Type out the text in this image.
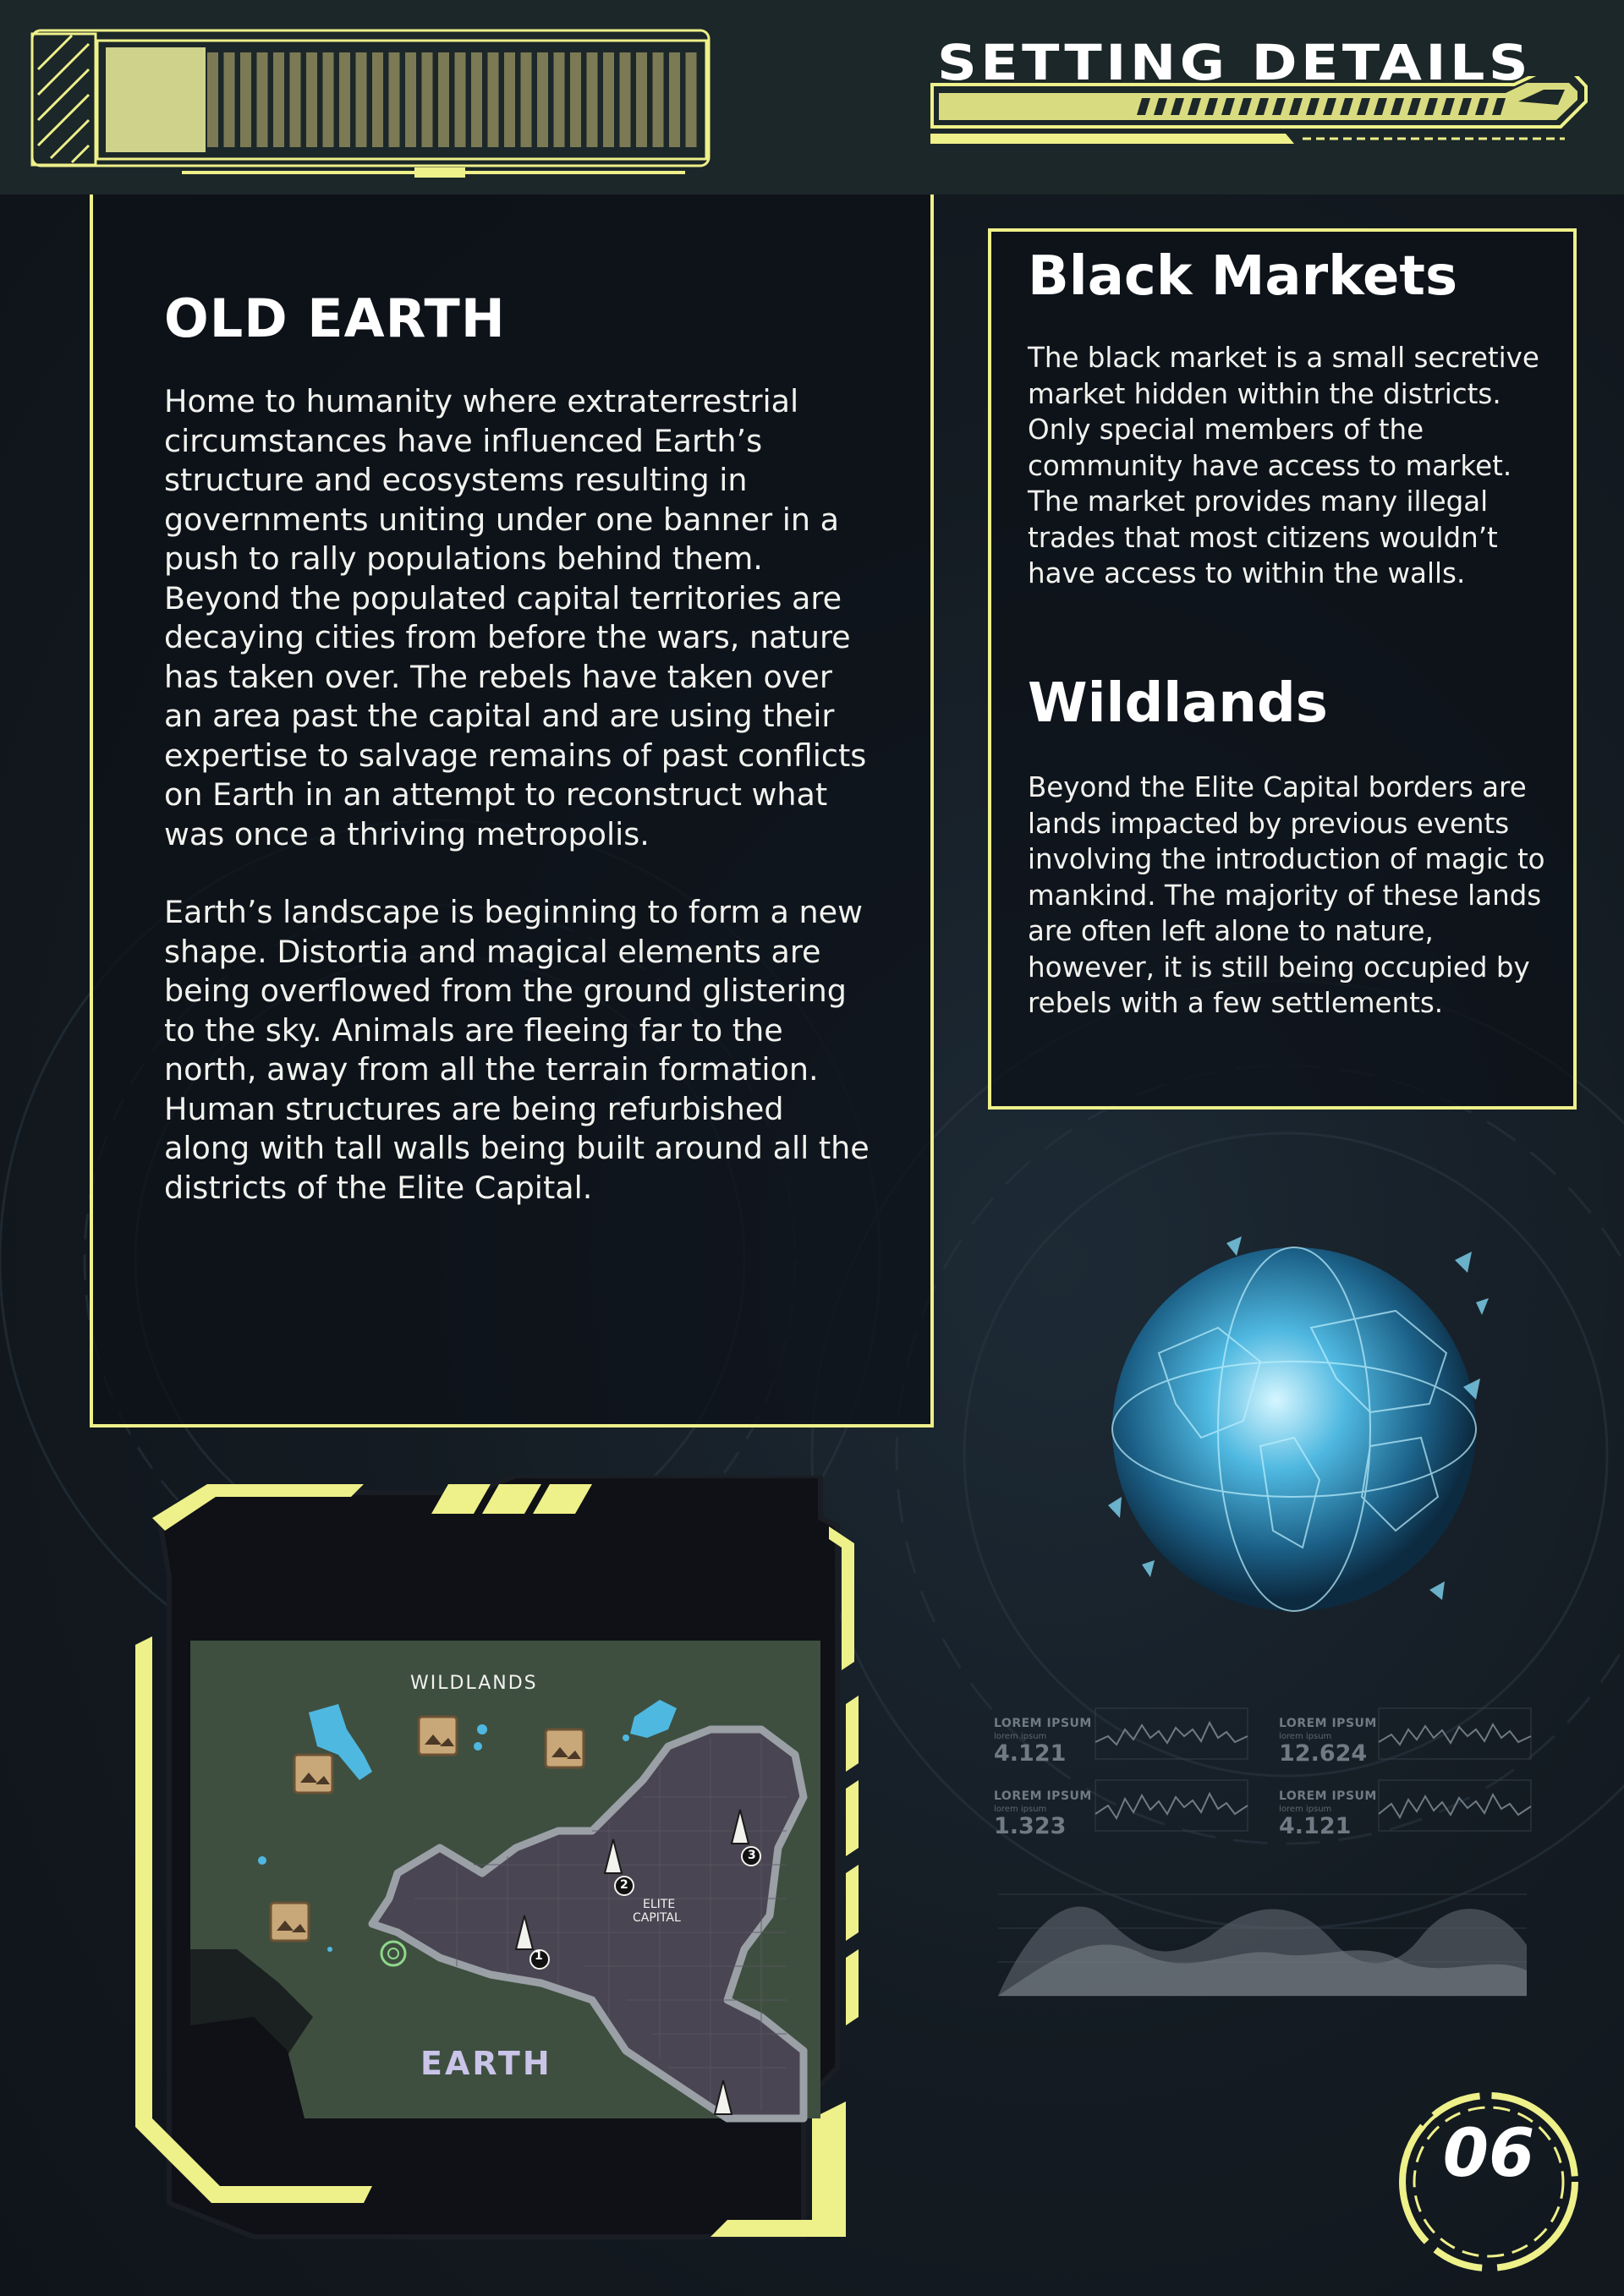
SETTING DETAILS
OLD EARTH

Home to humanity where extraterrestrial circumstances have influenced Earth’s structure and ecosystems resulting in governments uniting under one banner in a push to rally populations behind them. Beyond the populated capital territories are decaying cities from before the wars, nature has taken over. The rebels have taken over an area past the capital and are using their expertise to salvage remains of past conflicts on Earth in an attempt to reconstruct what was once a thriving metropolis.

Earth’s landscape is beginning to form a new shape. Distortia and magical elements are being overflowed from the ground glistering to the sky. Animals are fleeing far to the north, away from all the terrain formation. Human structures are being refurbished along with tall walls being built around all the districts of the Elite Capital.

Black Markets

The black market is a small secretive market hidden within the districts. Only special members of the community have access to market. The market provides many illegal trades that most citizens wouldn’t have access to within the walls.

Wildlands

Beyond the Elite Capital borders are lands impacted by previous events involving the introduction of magic to mankind. The majority of these lands are often left alone to nature, however, it is still being occupied by rebels with a few settlements.

LOREM IPSUM
lorem ipsum
4.121
LOREM IPSUM
lorem ipsum
12.624
LOREM IPSUM
lorem ipsum
1.323
LOREM IPSUM
lorem ipsum
4.121
WILDLANDS
ELITE
CAPITAL
EARTH
1
2
3
06
